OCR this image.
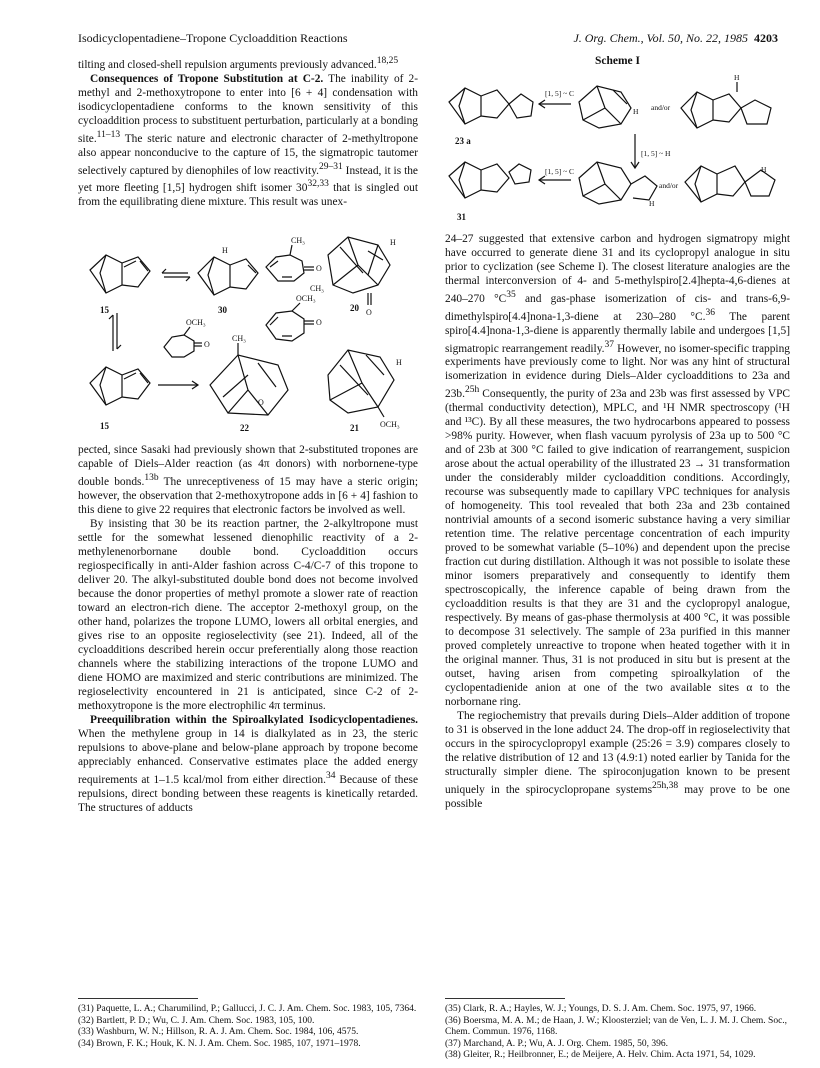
Isodicyclopentadiene–Tropone Cycloaddition Reactions	J. Org. Chem., Vol. 50, No. 22, 1985 4203

tilting and closed-shell repulsion arguments previously advanced.$^{18,25}$

Consequences of Tropone Substitution at C-2. The inability of 2-methyl and 2-methoxytropone to enter into [6 + 4] condensation with isodicyclopentadiene conforms to the known sensitivity of this cycloaddition process to substituent perturbation, particularly at a bonding site.$^{11-13}$ The steric nature and electronic character of 2-methyltropone also appear nonconducive to the capture of 15, the sigmatropic tautomer selectively captured by dienophiles of low reactivity.$^{29-31}$ Instead, it is the yet more fleeting [1,5] hydrogen shift isomer 30$^{32,33}$ that is singled out from the equilibrating diene mixture. This result was unex-

CH₃
CH₃
OCH₃
OCH₃
CH₃
OCH₃
H
H
H
O
O
O
O
O
15	30	20
15	22	21

pected, since Sasaki had previously shown that 2-substituted tropones are capable of Diels–Alder reaction (as 4π donors) with norbornene-type double bonds.$^{13b}$ The unreceptiveness of 15 may have a steric origin; however, the observation that 2-methoxytropone adds in [6 + 4] fashion to this diene to give 22 requires that electronic factors be involved as well.

By insisting that 30 be its reaction partner, the 2-alkyltropone must settle for the somewhat lessened dienophilic reactivity of a 2-methylenenorbornane double bond. Cycloaddition occurs regiospecifically in anti-Alder fashion across C-4/C-7 of this tropone to deliver 20. The alkyl-substituted double bond does not become involved because the donor properties of methyl promote a slower rate of reaction toward an electron-rich diene. The acceptor 2-methoxyl group, on the other hand, polarizes the tropone LUMO, lowers all orbital energies, and gives rise to an opposite regioselectivity (see 21). Indeed, all of the cycloadditions described herein occur preferentially along those reaction channels where the stabilizing interactions of the tropone LUMO and diene HOMO are maximized and steric contributions are minimized. The regioselectivity encountered in 21 is anticipated, since C-2 of 2-methoxytropone is the more electrophilic 4π terminus.

Preequilibration within the Spiroalkylated Isodicyclopentadienes. When the methylene group in 14 is dialkylated as in 23, the steric repulsions to above-plane and below-plane approach by tropone become appreciably enhanced. Conservative estimates place the added energy requirements at 1–1.5 kcal/mol from either direction.$^{34}$ Because of these repulsions, direct bonding between these reagents is kinetically retarded. The structures of adducts

Scheme I
[1, 5] ~ C
[1, 5] ~ H
[1, 5] ~ C
and/or
and/or
H
H
H
H
23 a
31

24–27 suggested that extensive carbon and hydrogen sigmatropy might have occurred to generate diene 31 and its cyclopropyl analogue in situ prior to cyclization (see Scheme I). The closest literature analogies are the thermal interconversion of 4- and 5-methylspiro[2.4]hepta-4,6-dienes at 240–270 $^\circ C^{35}$ and gas-phase isomerization of cis- and trans-6,9-dimethylspiro[4.4]nona-1,3-diene at 230–280 °C.$^{36}$ The parent spiro[4.4]nona-1,3-diene is apparently thermally labile and undergoes [1,5] sigmatropic rearrangement readily.$^{37}$ However, no isomer-specific trapping experiments have previously come to light. Nor was any hint of structural isomerization in evidence during Diels–Alder cycloadditions to 23a and 23b.$^{25h}$ Consequently, the purity of 23a and 23b was first assessed by VPC (thermal conductivity detection), MPLC, and ¹H NMR spectroscopy (¹H and ¹³C). By all these measures, the two hydrocarbons appeared to possess >98% purity. However, when flash vacuum pyrolysis of 23a up to 500 °C and of 23b at 300 °C failed to give indication of rearrangement, suspicion arose about the actual operability of the illustrated 23 → 31 transformation under the considerably milder cycloaddition conditions. Accordingly, recourse was subsequently made to capillary VPC techniques for analysis of homogeneity. This tool revealed that both 23a and 23b contained nontrivial amounts of a second isomeric substance having a very similiar retention time. The relative percentage concentration of each impurity proved to be somewhat variable (5–10%) and dependent upon the precise fraction cut during distillation. Although it was not possible to isolate these minor isomers preparatively and consequently to identify them spectroscopically, the inference capable of being drawn from the cycloaddition results is that they are 31 and the cyclopropyl analogue, respectively. By means of gas-phase thermolysis at 400 °C, it was possible to decompose 31 selectively. The sample of 23a purified in this manner proved completely unreactive to tropone when heated together with it in the original manner. Thus, 31 is not produced in situ but is present at the outset, having arisen from competing spiroalkylation of the cyclopentadienide anion at one of the two available sites α to the norbornane ring.

The regiochemistry that prevails during Diels–Alder addition of tropone to 31 is observed in the lone adduct 24. The drop-off in regioselectivity that occurs in the spirocyclopropyl example (25:26 = 3.9) compares closely to the relative distribution of 12 and 13 (4.9:1) noted earlier by Tanida for the structurally simpler diene. The spiroconjugation known to be present uniquely in the spirocyclopropane systems$^{25h,38}$ may prove to be one possible

(31) Paquette, L. A.; Charumilind, P.; Gallucci, J. C. J. Am. Chem. Soc. 1983, 105, 7364.

(32) Bartlett, P. D.; Wu, C. J. Am. Chem. Soc. 1983, 105, 100.

(33) Washburn, W. N.; Hillson, R. A. J. Am. Chem. Soc. 1984, 106, 4575.

(34) Brown, F. K.; Houk, K. N. J. Am. Chem. Soc. 1985, 107, 1971–1978.

(35) Clark, R. A.; Hayles, W. J.; Youngs, D. S. J. Am. Chem. Soc. 1975, 97, 1966.

(36) Boersma, M. A. M.; de Haan, J. W.; Kloosterziel; van de Ven, L. J. M. J. Chem. Soc., Chem. Commun. 1976, 1168.

(37) Marchand, A. P.; Wu, A. J. Org. Chem. 1985, 50, 396.

(38) Gleiter, R.; Heilbronner, E.; de Meijere, A. Helv. Chim. Acta 1971, 54, 1029.
